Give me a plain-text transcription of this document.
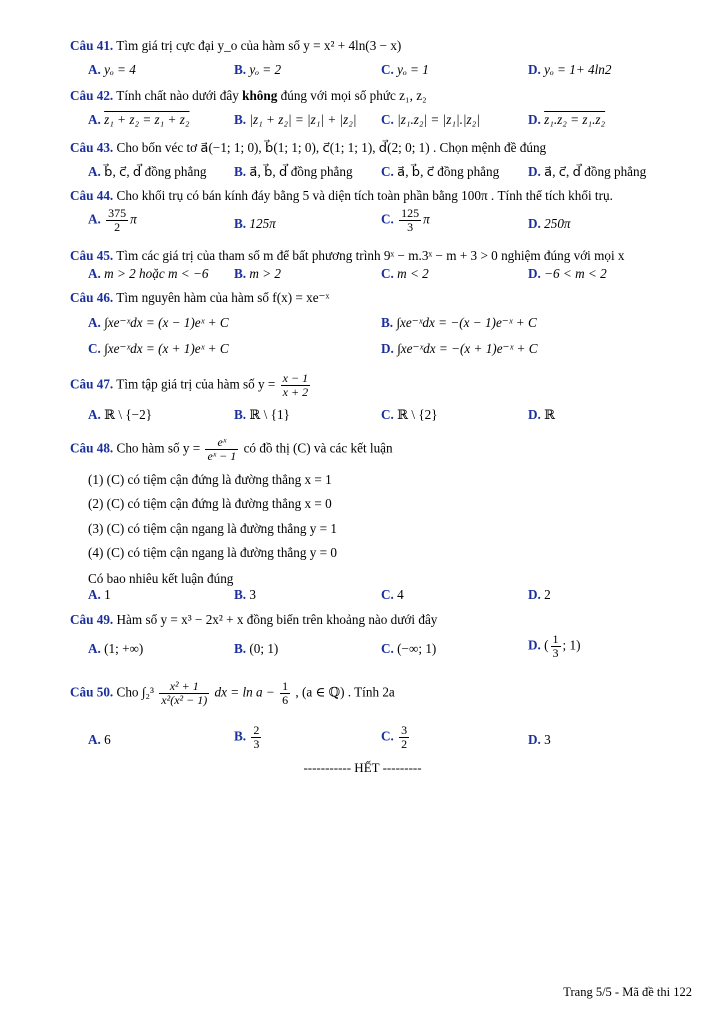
Câu 41. Tìm giá trị cực đại y_o của hàm số y = x² + 4ln(3 − x)
A. yₒ = 4	B. yₒ = 2	C. yₒ = 1	D. yₒ = 1+ 4ln2
Câu 42. Tính chất nào dưới đây không đúng với mọi số phức z₁, z₂
A. z₁ + z₂ = z₁ + z₂	B. |z₁ + z₂| = |z₁| + |z₂| C. |z₁.z₂| = |z₁|.|z₂|	D. z₁.z₂ = z₁.z₂
Câu 43. Cho bốn véc tơ a⃗(−1; 1; 0), b⃗(1; 1; 0), c⃗(1; 1; 1), d⃗(2; 0; 1) . Chọn mệnh đề đúng
A. b⃗, c⃗, d⃗ đồng phẳng B. a⃗, b⃗, d⃗ đồng phẳng C. a⃗, b⃗, c⃗ đồng phẳng D. a⃗, c⃗, d⃗ đồng phẳng
Câu 44. Cho khối trụ có bán kính đáy bằng 5 và diện tích toàn phần bằng 100π . Tính thể tích khối trụ.
A. $\frac{375}{2}$ π	B. 125π	C. $\frac{125}{3}$ π	D. 250π
Câu 45. Tìm các giá trị của tham số m để bất phương trình 9ˣ − m.3ˣ − m + 3 > 0 nghiệm đúng với mọi x
A. m > 2 hoặc m < −6 B. m > 2	C. m < 2	D. −6 < m < 2
Câu 46. Tìm nguyên hàm của hàm số f(x) = xe⁻ˣ
A. ∫xe⁻ˣdx = (x − 1)eˣ + C	B. ∫xe⁻ˣdx = −(x − 1)e⁻ˣ + C
C. ∫xe⁻ˣdx = (x + 1)eˣ + C	D. ∫xe⁻ˣdx = −(x + 1)e⁻ˣ + C
Câu 47. Tìm tập giá trị của hàm số $y = \frac{x - 1}{x + 2}$
A. ℝ \ {−2}	B. ℝ \ {1}	C. ℝ \ {2}	D. ℝ
Câu 48. Cho hàm số $y = \frac{\text{eˣ}}{\text{eˣ − 1}}$ có đồ thị (C) và các kết luận
(1) (C) có tiệm cận đứng là đường thẳng x = 1
(2) (C) có tiệm cận đứng là đường thẳng x = 0
(3) (C) có tiệm cận ngang là đường thẳng y = 1
(4) (C) có tiệm cận ngang là đường thẳng y = 0
Có bao nhiêu kết luận đúng
A. 1	B. 3	C. 4	D. 2
Câu 49. Hàm số y = x³ − 2x² + x đồng biến trên khoảng nào dưới đây
A. (1; +∞)	B. (0; 1)	C. (−∞; 1)	D. ( $\frac{1}{3}$ ; 1)
Câu 50. Cho $\int_2^3 \frac{\text{x² + 1}}{\text{x²(x² − 1)}}$ dx = $\ln a - \frac{1}{6}$ , (a ∈ ℚ) . Tính 2a
A. 6	B. $\frac{2}{3}$	C. $\frac{3}{2}$	D. 3
----------- HẾT ---------
Trang 5/5 - Mã đề thi 122
